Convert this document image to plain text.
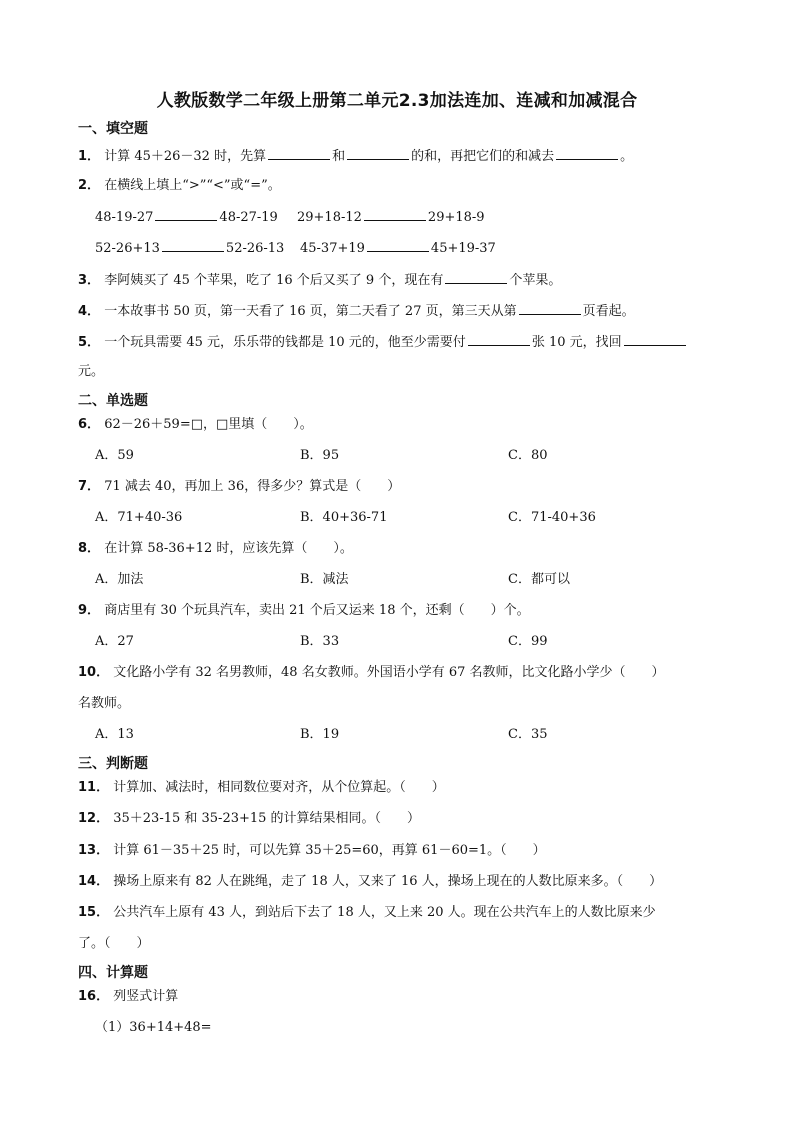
人教版数学二年级上册第二单元2.3加法连加、连减和加减混合
一、填空题
1． 计算 45＋26－32 时，先算	和	的和，再把它们的和减去	。
2． 在横线上填上“>”“<”或“=”。
48-19-27	48-27-19 29+18-12	29+18-9
52-26+13	52-26-13 45-37+19	45+19-37
3． 李阿姨买了 45 个苹果，吃了 16 个后又买了 9 个，现在有	个苹果。
4． 一本故事书 50 页，第一天看了 16 页，第二天看了 27 页，第三天从第	页看起。
5． 一个玩具需要 45 元，乐乐带的钱都是 10 元的，他至少需要付	张 10 元，找回
元。
二、单选题
6． 62－26＋59=□，□里填（　　）。
A．59	B．95	C．80
7． 71 减去 40，再加上 36，得多少？算式是（　　）
A．71+40-36	B．40+36-71	C．71-40+36
8． 在计算 58-36+12 时，应该先算（　　）。
A．加法	B．减法	C．都可以
9． 商店里有 30 个玩具汽车，卖出 21 个后又运来 18 个，还剩（　　）个。
A．27	B．33	C．99
10． 文化路小学有 32 名男教师，48 名女教师。外国语小学有 67 名教师，比文化路小学少（　　）
名教师。
A．13	B．19	C．35
三、判断题
11． 计算加、减法时，相同数位要对齐，从个位算起。（　　）
12． 35＋23-15 和 35-23+15 的计算结果相同。（　　）
13． 计算 61－35＋25 时，可以先算 35＋25=60，再算 61－60=1。（　　）
14． 操场上原来有 82 人在跳绳，走了 18 人，又来了 16 人，操场上现在的人数比原来多。（　　）
15． 公共汽车上原有 43 人，到站后下去了 18 人，又上来 20 人。现在公共汽车上的人数比原来少
了。（　　）
四、计算题
16． 列竖式计算
（1）36+14+48=
